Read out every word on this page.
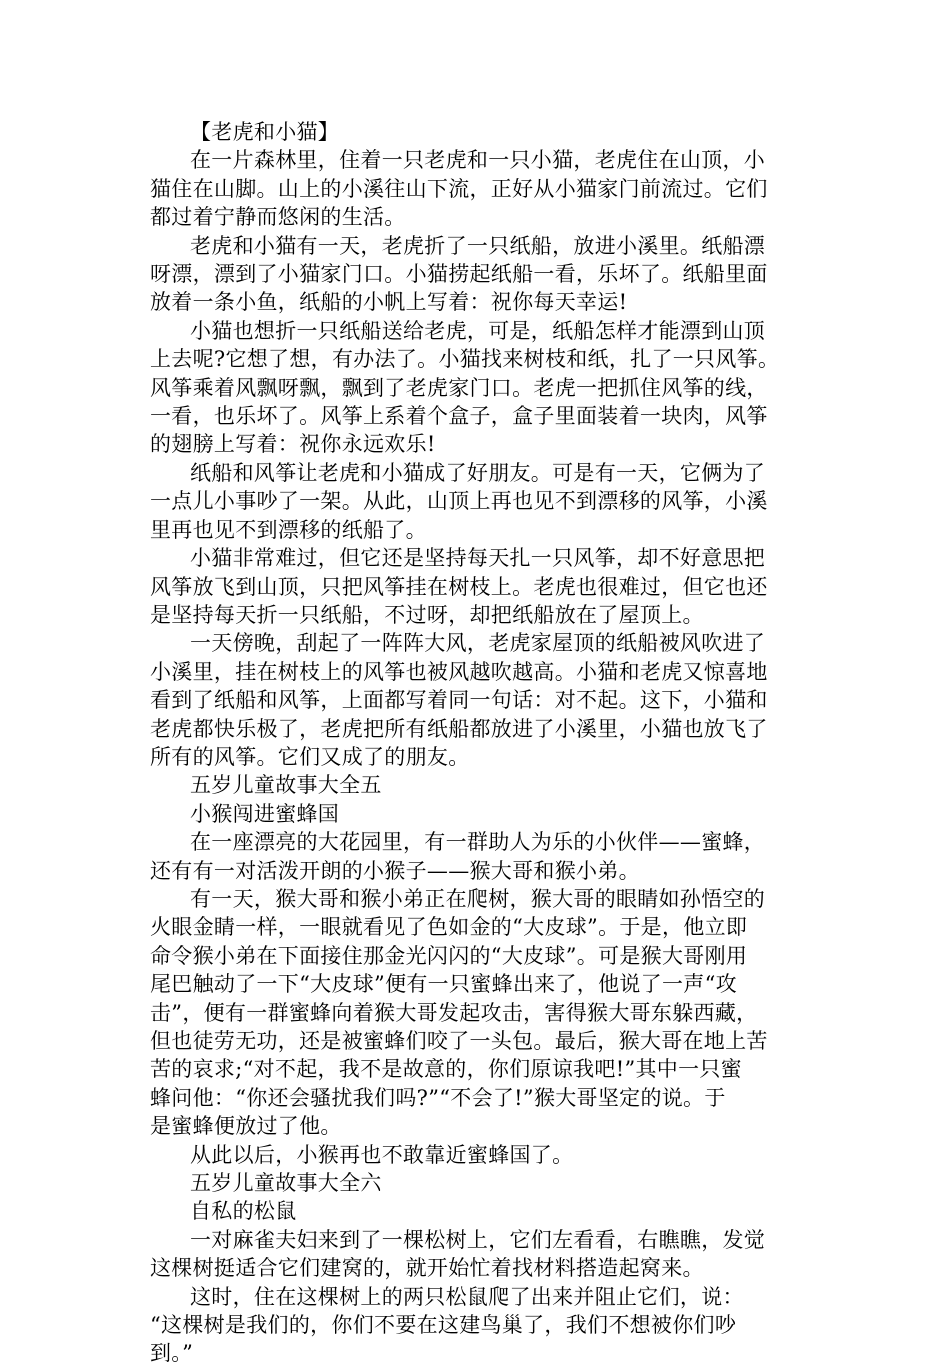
【老虎和小猫】
在一片森林里，住着一只老虎和一只小猫，老虎住在山顶，小
猫住在山脚。山上的小溪往山下流，正好从小猫家门前流过。它们
都过着宁静而悠闲的生活。
老虎和小猫有一天，老虎折了一只纸船，放进小溪里。纸船漂
呀漂，漂到了小猫家门口。小猫捞起纸船一看，乐坏了。纸船里面
放着一条小鱼，纸船的小帆上写着：祝你每天幸运!
小猫也想折一只纸船送给老虎，可是，纸船怎样才能漂到山顶
上去呢?它想了想，有办法了。小猫找来树枝和纸，扎了一只风筝。
风筝乘着风飘呀飘，飘到了老虎家门口。老虎一把抓住风筝的线，
一看，也乐坏了。风筝上系着个盒子，盒子里面装着一块肉，风筝
的翅膀上写着：祝你永远欢乐!
纸船和风筝让老虎和小猫成了好朋友。可是有一天，它俩为了
一点儿小事吵了一架。从此，山顶上再也见不到漂移的风筝，小溪
里再也见不到漂移的纸船了。
小猫非常难过，但它还是坚持每天扎一只风筝，却不好意思把
风筝放飞到山顶，只把风筝挂在树枝上。老虎也很难过，但它也还
是坚持每天折一只纸船，不过呀，却把纸船放在了屋顶上。
一天傍晚，刮起了一阵阵大风，老虎家屋顶的纸船被风吹进了
小溪里，挂在树枝上的风筝也被风越吹越高。小猫和老虎又惊喜地
看到了纸船和风筝，上面都写着同一句话：对不起。这下，小猫和
老虎都快乐极了，老虎把所有纸船都放进了小溪里，小猫也放飞了
所有的风筝。它们又成了的朋友。
五岁儿童故事大全五
小猴闯进蜜蜂国
在一座漂亮的大花园里，有一群助人为乐的小伙伴——蜜蜂，
还有有一对活泼开朗的小猴子——猴大哥和猴小弟。
有一天，猴大哥和猴小弟正在爬树，猴大哥的眼睛如孙悟空的
火眼金睛一样，一眼就看见了色如金的“大皮球”。于是，他立即
命令猴小弟在下面接住那金光闪闪的“大皮球”。可是猴大哥刚用
尾巴触动了一下“大皮球”便有一只蜜蜂出来了，他说了一声“攻
击”，便有一群蜜蜂向着猴大哥发起攻击，害得猴大哥东躲西藏，
但也徒劳无功，还是被蜜蜂们咬了一头包。最后，猴大哥在地上苦
苦的哀求;“对不起，我不是故意的，你们原谅我吧!”其中一只蜜
蜂问他：“你还会骚扰我们吗?”“不会了!”猴大哥坚定的说。于
是蜜蜂便放过了他。
从此以后，小猴再也不敢靠近蜜蜂国了。
五岁儿童故事大全六
自私的松鼠
一对麻雀夫妇来到了一棵松树上，它们左看看，右瞧瞧，发觉
这棵树挺适合它们建窝的，就开始忙着找材料搭造起窝来。
这时，住在这棵树上的两只松鼠爬了出来并阻止它们，说：
“这棵树是我们的，你们不要在这建鸟巢了，我们不想被你们吵
到。”
